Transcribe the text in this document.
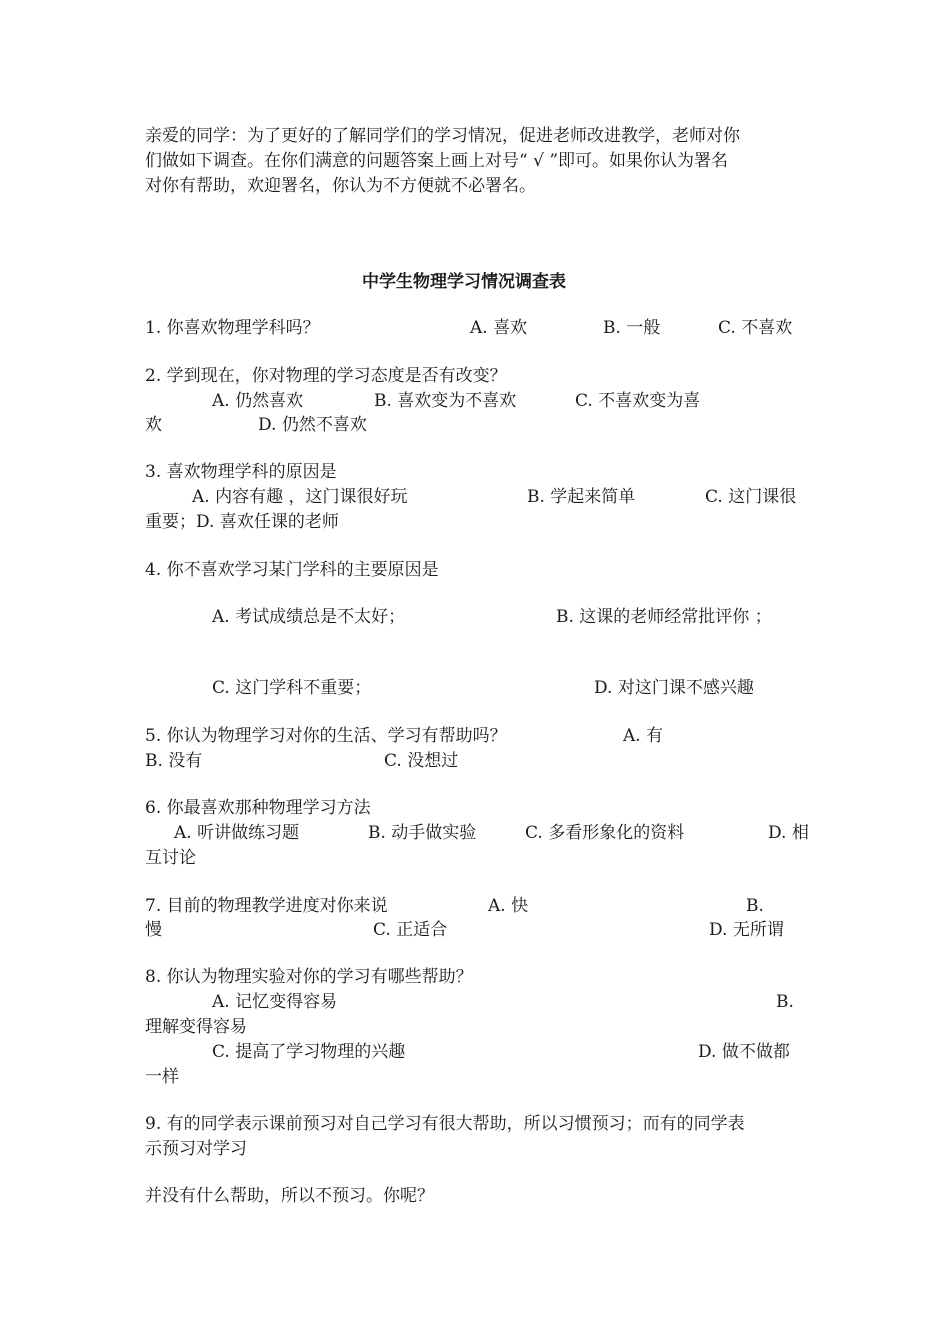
亲爱的同学：为了更好的了解同学们的学习情况，促进老师改进教学，老师对你
们做如下调查。在你们满意的问题答案上画上对号“ √ ”即可。如果你认为署名
对你有帮助，欢迎署名，你认为不方便就不必署名。
中学生物理学习情况调查表
1. 你喜欢物理学科吗？	A. 喜欢	B. 一般	C. 不喜欢
2. 学到现在，你对物理的学习态度是否有改变？
A. 仍然喜欢	B. 喜欢变为不喜欢	C. 不喜欢变为喜
欢	D. 仍然不喜欢
3. 喜欢物理学科的原因是
A. 内容有趣 ，这门课很好玩	B. 学起来简单	C. 这门课很
重要；D. 喜欢任课的老师
4. 你不喜欢学习某门学科的主要原因是
A. 考试成绩总是不太好；	B. 这课的老师经常批评你 ；
C. 这门学科不重要；	D. 对这门课不感兴趣
5. 你认为物理学习对你的生活、学习有帮助吗？	A. 有
B. 没有	C. 没想过
6. 你最喜欢那种物理学习方法
A. 听讲做练习题	B. 动手做实验	C. 多看形象化的资料	D. 相
互讨论
7. 目前的物理教学进度对你来说	A. 快	B.
慢	C. 正适合	D. 无所谓
8. 你认为物理实验对你的学习有哪些帮助？
A. 记忆变得容易	B.
理解变得容易
C. 提高了学习物理的兴趣	D. 做不做都
一样
9. 有的同学表示课前预习对自己学习有很大帮助，所以习惯预习；而有的同学表
示预习对学习
并没有什么帮助，所以不预习。你呢？
